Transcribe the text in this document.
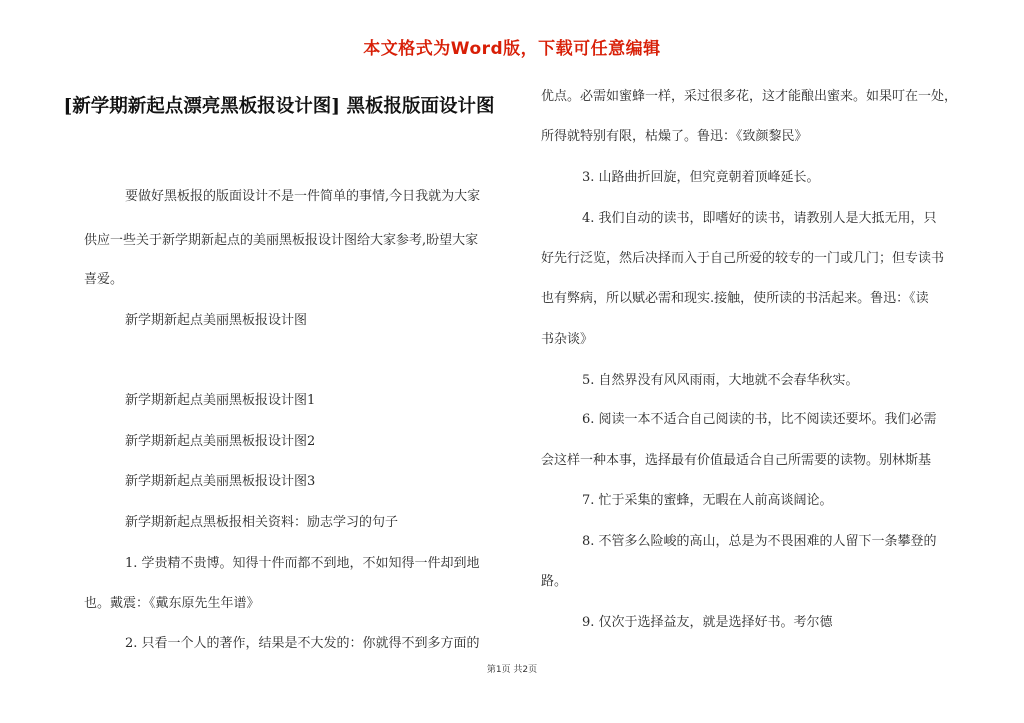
本文格式为Word版，下载可任意编辑
[新学期新起点漂亮黑板报设计图] 黑板报版面设计图
要做好黑板报的版面设计不是一件简单的事情,今日我就为大家
供应一些关于新学期新起点的美丽黑板报设计图给大家参考,盼望大家
喜爱。
新学期新起点美丽黑板报设计图
新学期新起点美丽黑板报设计图1
新学期新起点美丽黑板报设计图2
新学期新起点美丽黑板报设计图3
新学期新起点黑板报相关资料：励志学习的句子
1. 学贵精不贵博。知得十件而都不到地，不如知得一件却到地
也。戴震：《戴东原先生年谱》
2. 只看一个人的著作，结果是不大发的：你就得不到多方面的
优点。必需如蜜蜂一样，采过很多花，这才能酿出蜜来。如果叮在一处，
所得就特别有限，枯燥了。鲁迅：《致颜黎民》
3. 山路曲折回旋，但究竟朝着顶峰延长。
4. 我们自动的读书，即嗜好的读书，请教别人是大抵无用，只
好先行泛览，然后决择而入于自己所爱的较专的一门或几门；但专读书
也有弊病，所以赋必需和现实.接触，使所读的书活起来。鲁迅：《读
书杂谈》
5. 自然界没有风风雨雨，大地就不会春华秋实。
6. 阅读一本不适合自己阅读的书，比不阅读还要坏。我们必需
会这样一种本事，选择最有价值最适合自己所需要的读物。别林斯基
7. 忙于采集的蜜蜂，无暇在人前高谈阔论。
8. 不管多么险峻的高山，总是为不畏困难的人留下一条攀登的
路。
9. 仅次于选择益友，就是选择好书。考尔德
第1页 共2页
